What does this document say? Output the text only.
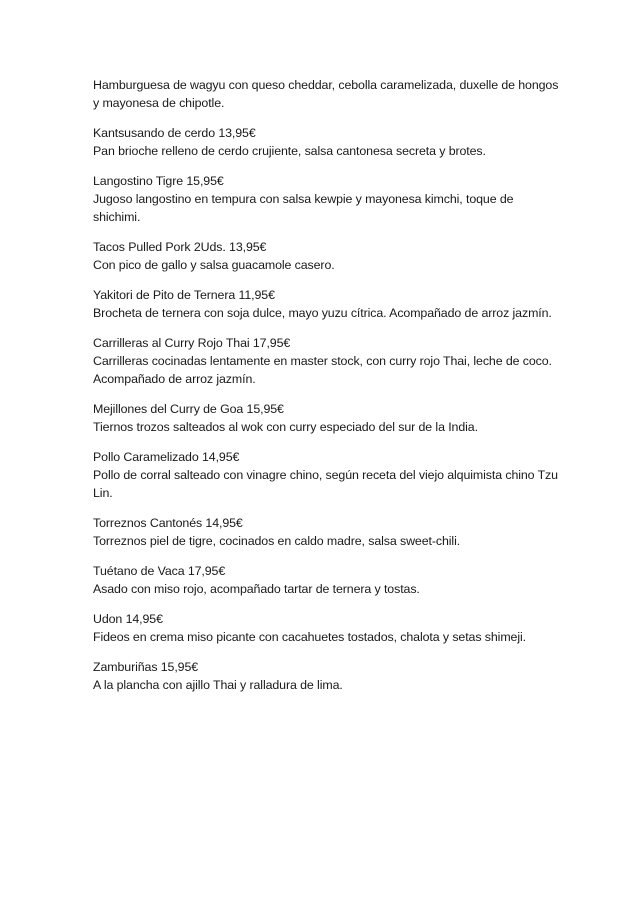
Hamburguesa de wagyu con queso cheddar, cebolla caramelizada, duxelle de hongos y mayonesa de chipotle.
Kantsusando de cerdo 13,95€
Pan brioche relleno de cerdo crujiente, salsa cantonesa secreta y brotes.
Langostino Tigre 15,95€
Jugoso langostino en tempura con salsa kewpie y mayonesa kimchi, toque de shichimi.
Tacos Pulled Pork 2Uds. 13,95€
Con pico de gallo y salsa guacamole casero.
Yakitori de Pito de Ternera 11,95€
Brocheta de ternera con soja dulce, mayo yuzu cítrica. Acompañado de arroz jazmín.
Carrilleras al Curry Rojo Thai 17,95€
Carrilleras cocinadas lentamente en master stock, con curry rojo Thai, leche de coco. Acompañado de arroz jazmín.
Mejillones del Curry de Goa 15,95€
Tiernos trozos salteados al wok con curry especiado del sur de la India.
Pollo Caramelizado 14,95€
Pollo de corral salteado con vinagre chino, según receta del viejo alquimista chino Tzu Lin.
Torreznos Cantonés 14,95€
Torreznos piel de tigre, cocinados en caldo madre, salsa sweet-chili.
Tuétano de Vaca 17,95€
Asado con miso rojo, acompañado tartar de ternera y tostas.
Udon 14,95€
Fideos en crema miso picante con cacahuetes tostados, chalota y setas shimeji.
Zamburiñas 15,95€
A la plancha con ajillo Thai y ralladura de lima.
